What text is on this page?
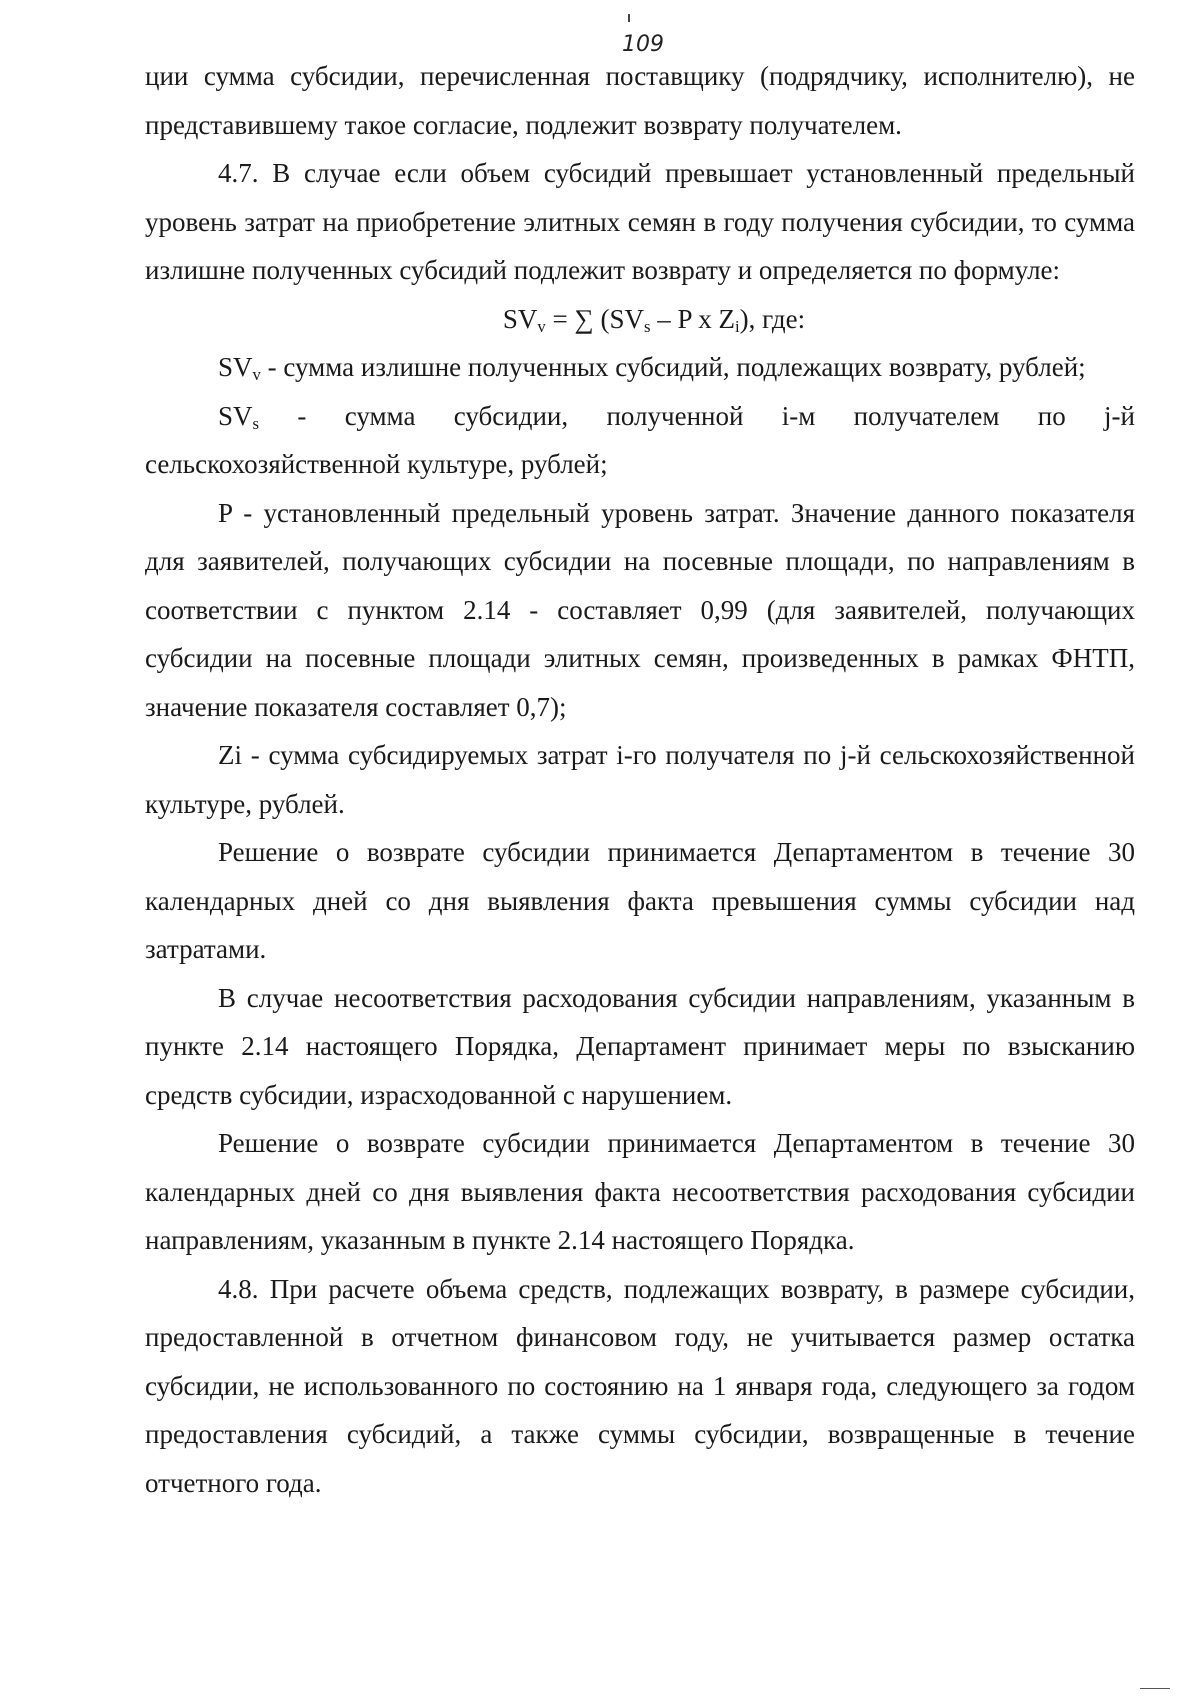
109

ции сумма субсидии, перечисленная поставщику (подрядчику, исполнителю), не представившему такое согласие, подлежит возврату получателем.

4.7. В случае если объем субсидий превышает установленный предельный уровень затрат на приобретение элитных семян в году получения субсидии, то сумма излишне полученных субсидий подлежит возврату и определяется по формуле:

$SV_v$ = ∑ ($SV_s$ – P x $Z_i$), где:

$SV_v$ - сумма излишне полученных субсидий, подлежащих возврату, рублей;

$SV_s$ - сумма субсидии, полученной i-м получателем по j-й сельскохозяйственной культуре, рублей;

P - установленный предельный уровень затрат. Значение данного показателя для заявителей, получающих субсидии на посевные площади, по направлениям в соответствии с пунктом 2.14 - составляет 0,99 (для заявителей, получающих субсидии на посевные площади элитных семян, произведенных в рамках ФНТП, значение показателя составляет 0,7);

Zi - сумма субсидируемых затрат i-го получателя по j-й сельскохозяйственной культуре, рублей.

Решение о возврате субсидии принимается Департаментом в течение 30 календарных дней со дня выявления факта превышения суммы субсидии над затратами.

В случае несоответствия расходования субсидии направлениям, указанным в пункте 2.14 настоящего Порядка, Департамент принимает меры по взысканию средств субсидии, израсходованной с нарушением.

Решение о возврате субсидии принимается Департаментом в течение 30 календарных дней со дня выявления факта несоответствия расходования субсидии направлениям, указанным в пункте 2.14 настоящего Порядка.

4.8. При расчете объема средств, подлежащих возврату, в размере субсидии, предоставленной в отчетном финансовом году, не учитывается размер остатка субсидии, не использованного по состоянию на 1 января года, следующего за годом предоставления субсидий, а также суммы субсидии, возвращенные в течение отчетного года.
